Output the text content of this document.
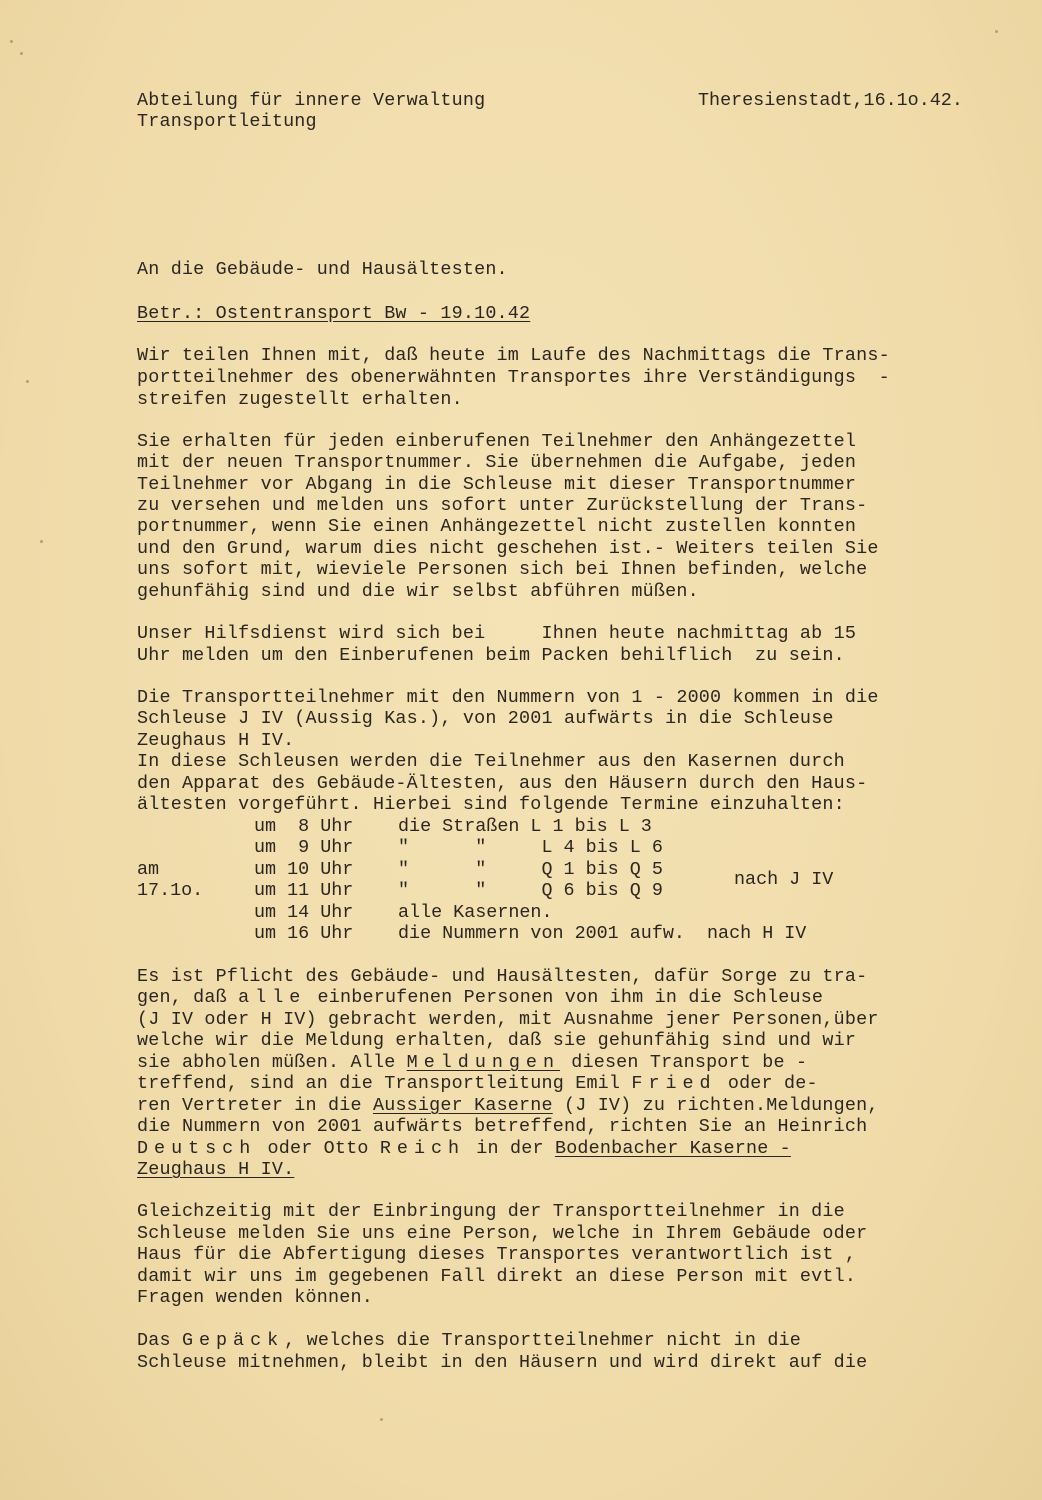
Abteilung für innere Verwaltung
Transportleitung
Theresienstadt,16.1o.42.
An die Gebäude- und Hausältesten.
Betr.: Ostentransport Bw - 19.10.42
Wir teilen Ihnen mit, daß heute im Laufe des Nachmittags die Trans-
portteilnehmer des obenerwähnten Transportes ihre Verständigungs  -
streifen zugestellt erhalten.
Sie erhalten für jeden einberufenen Teilnehmer den Anhängezettel
mit der neuen Transportnummer. Sie übernehmen die Aufgabe, jeden
Teilnehmer vor Abgang in die Schleuse mit dieser Transportnummer
zu versehen und melden uns sofort unter Zurückstellung der Trans-
portnummer, wenn Sie einen Anhängezettel nicht zustellen konnten
und den Grund, warum dies nicht geschehen ist.- Weiters teilen Sie
uns sofort mit, wieviele Personen sich bei Ihnen befinden, welche
gehunfähig sind und die wir selbst abführen müßen.
Unser Hilfsdienst wird sich bei     Ihnen heute nachmittag ab 15
Uhr melden um den Einberufenen beim Packen behilflich  zu sein.
Die Transportteilnehmer mit den Nummern von 1 - 2000 kommen in die
Schleuse J IV (Aussig Kas.), von 2001 aufwärts in die Schleuse
Zeughaus H IV.
In diese Schleusen werden die Teilnehmer aus den Kasernen durch
den Apparat des Gebäude-Ältesten, aus den Häusern durch den Haus-
ältesten vorgeführt. Hierbei sind folgende Termine einzuhalten:
um  8 Uhr die Straßen L 1 bis L 3
um  9 Uhr "      "     L 4 bis L 6
am	um 10 Uhr "      "     Q 1 bis Q 5
17.1o.	um 11 Uhr "      "     Q 6 bis Q 9
nach J IV
um 14 Uhr alle Kasernen.
um 16 Uhr die Nummern von 2001 aufw.  nach H IV
Es ist Pflicht des Gebäude- und Hausältesten, dafür Sorge zu tra-
gen, daß alle einberufenen Personen von ihm in die Schleuse
(J IV oder H IV) gebracht werden, mit Ausnahme jener Personen,über
welche wir die Meldung erhalten, daß sie gehunfähig sind und wir
sie abholen müßen. Alle Meldungen diesen Transport be -
treffend, sind an die Transportleitung Emil Fried oder de-
ren Vertreter in die Aussiger Kaserne (J IV) zu richten.Meldungen,
die Nummern von 2001 aufwärts betreffend, richten Sie an Heinrich
Deutsch oder Otto Reich in der Bodenbacher Kaserne -
Zeughaus H IV.
Gleichzeitig mit der Einbringung der Transportteilnehmer in die
Schleuse melden Sie uns eine Person, welche in Ihrem Gebäude oder
Haus für die Abfertigung dieses Transportes verantwortlich ist ,
damit wir uns im gegebenen Fall direkt an diese Person mit evtl.
Fragen wenden können.
Das Gepäck, welches die Transportteilnehmer nicht in die
Schleuse mitnehmen, bleibt in den Häusern und wird direkt auf die
